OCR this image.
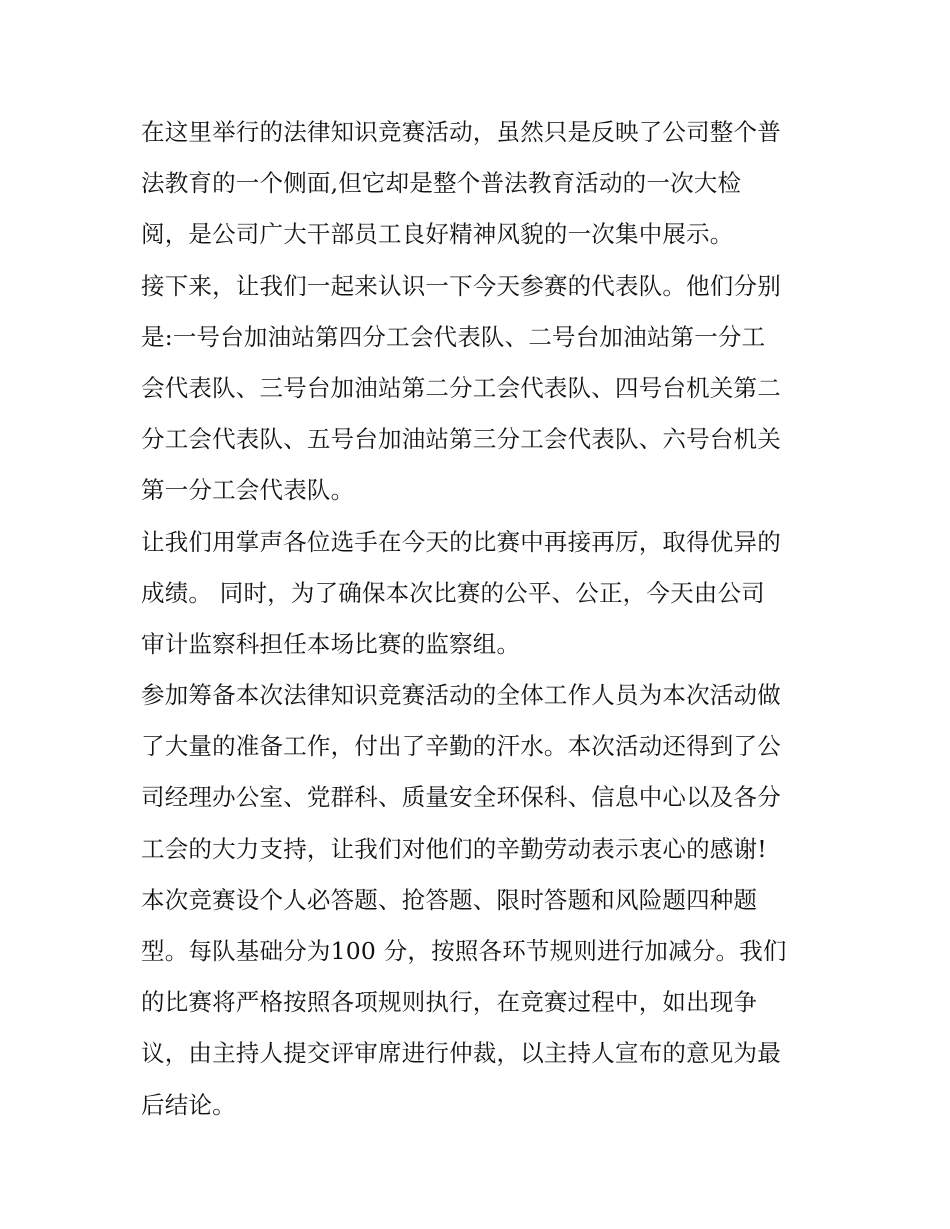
在这里举行的法律知识竞赛活动，虽然只是反映了公司整个普
法教育的一个侧面,但它却是整个普法教育活动的一次大检
阅，是公司广大干部员工良好精神风貌的一次集中展示。
接下来，让我们一起来认识一下今天参赛的代表队。他们分别
是:一号台加油站第四分工会代表队、二号台加油站第一分工
会代表队、三号台加油站第二分工会代表队、四号台机关第二
分工会代表队、五号台加油站第三分工会代表队、六号台机关
第一分工会代表队。
让我们用掌声各位选手在今天的比赛中再接再厉，取得优异的
成绩。 同时，为了确保本次比赛的公平、公正，今天由公司
审计监察科担任本场比赛的监察组。
参加筹备本次法律知识竞赛活动的全体工作人员为本次活动做
了大量的准备工作，付出了辛勤的汗水。本次活动还得到了公
司经理办公室、党群科、质量安全环保科、信息中心以及各分
工会的大力支持，让我们对他们的辛勤劳动表示衷心的感谢!
本次竞赛设个人必答题、抢答题、限时答题和风险题四种题
型。每队基础分为100 分，按照各环节规则进行加减分。我们
的比赛将严格按照各项规则执行，在竞赛过程中，如出现争
议，由主持人提交评审席进行仲裁，以主持人宣布的意见为最
后结论。
